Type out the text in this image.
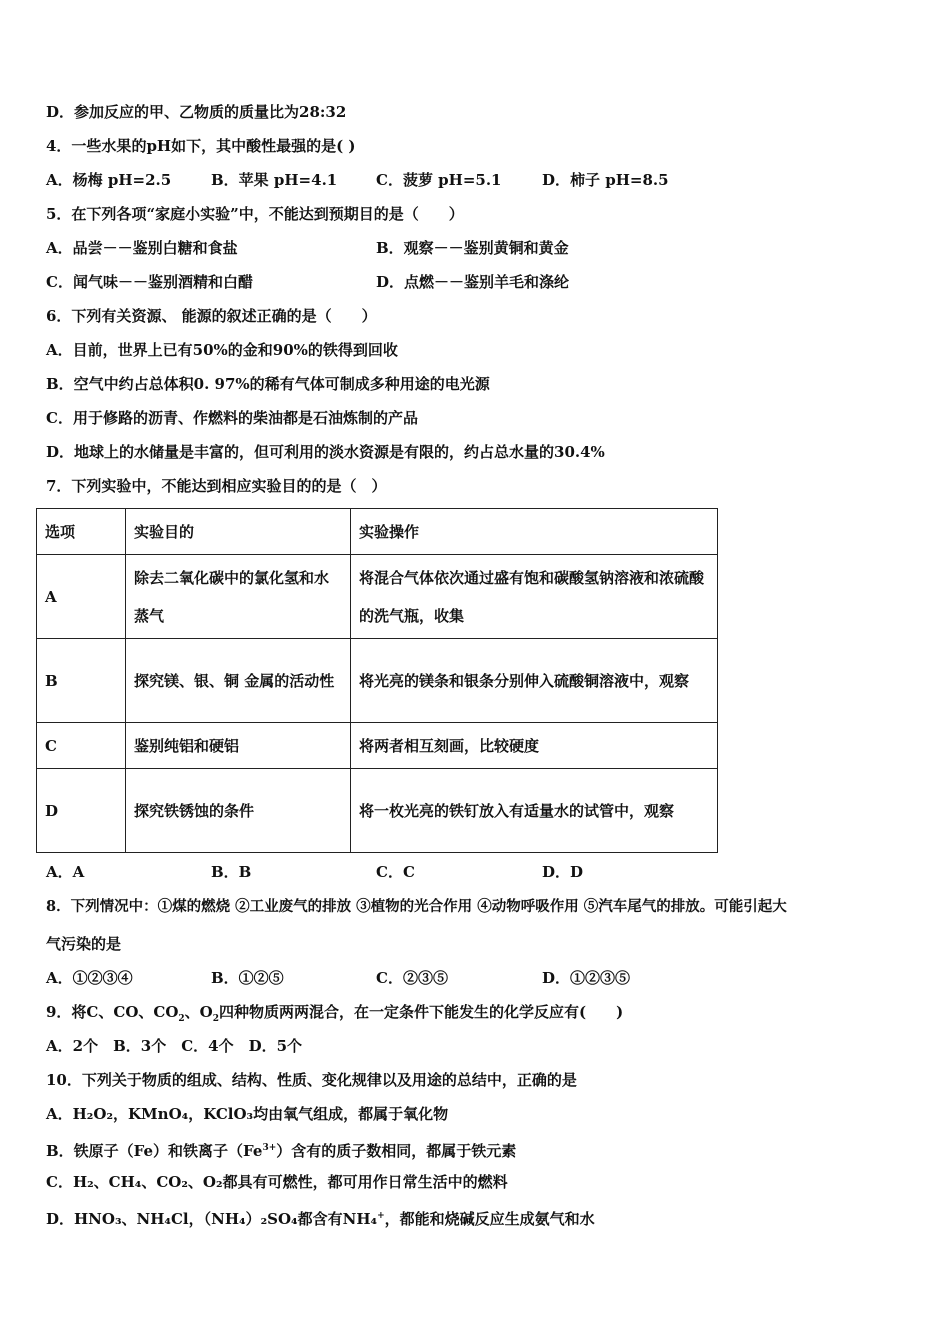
D．参加反应的甲、乙物质的质量比为28:32
4．一些水果的pH如下，其中酸性最强的是( )
A．杨梅 pH=2.5	B．苹果 pH=4.1	C．菠萝 pH=5.1	D．柿子 pH=8.5
5．在下列各项“家庭小实验”中，不能达到预期目的是（　　）
A．品尝－－鉴别白糖和食盐	B．观察－－鉴别黄铜和黄金
C．闻气味－－鉴别酒精和白醋	D．点燃－－鉴别羊毛和涤纶
6．下列有关资源、 能源的叙述正确的是（　　）
A．目前，世界上已有50%的金和90%的铁得到回收
B．空气中约占总体积0. 97%的稀有气体可制成多种用途的电光源
C．用于修路的沥青、作燃料的柴油都是石油炼制的产品
D．地球上的水储量是丰富的，但可利用的淡水资源是有限的，约占总水量的30.4%
7．下列实验中，不能达到相应实验目的的是（　）
选项	实验目的	实验操作
A	除去二氧化碳中的氯化氢和水蒸气	将混合气体依次通过盛有饱和碳酸氢钠溶液和浓硫酸的洗气瓶，收集
B	探究镁、银、铜 金属的活动性	将光亮的镁条和银条分别伸入硫酸铜溶液中，观察
C	鉴别纯铝和硬铝	将两者相互刻画，比较硬度
D	探究铁锈蚀的条件	将一枚光亮的铁钉放入有适量水的试管中，观察
A．A	B．B	C．C	D．D
8．下列情况中：①煤的燃烧 ②工业废气的排放 ③植物的光合作用 ④动物呼吸作用 ⑤汽车尾气的排放。可能引起大
气污染的是
A．①②③④	B．①②⑤	C．②③⑤	D．①②③⑤
9．将C、CO、$CO_2$、$O_2$四种物质两两混合，在一定条件下能发生的化学反应有(　　)
A．2个　B．3个　C．4个　D．5个
10．下列关于物质的组成、结构、性质、变化规律以及用途的总结中，正确的是
A．H₂O₂，KMnO₄，KClO₃均由氧气组成，都属于氧化物
B．铁原子（Fe）和铁离子$(Fe^{3+})$含有的质子数相同，都属于铁元素
C．H₂、CH₄、CO₂、O₂都具有可燃性，都可用作日常生活中的燃料
D．HNO₃、NH₄Cl，（NH₄）₂SO₄都含有NH₄+，都能和烧碱反应生成氨气和水
